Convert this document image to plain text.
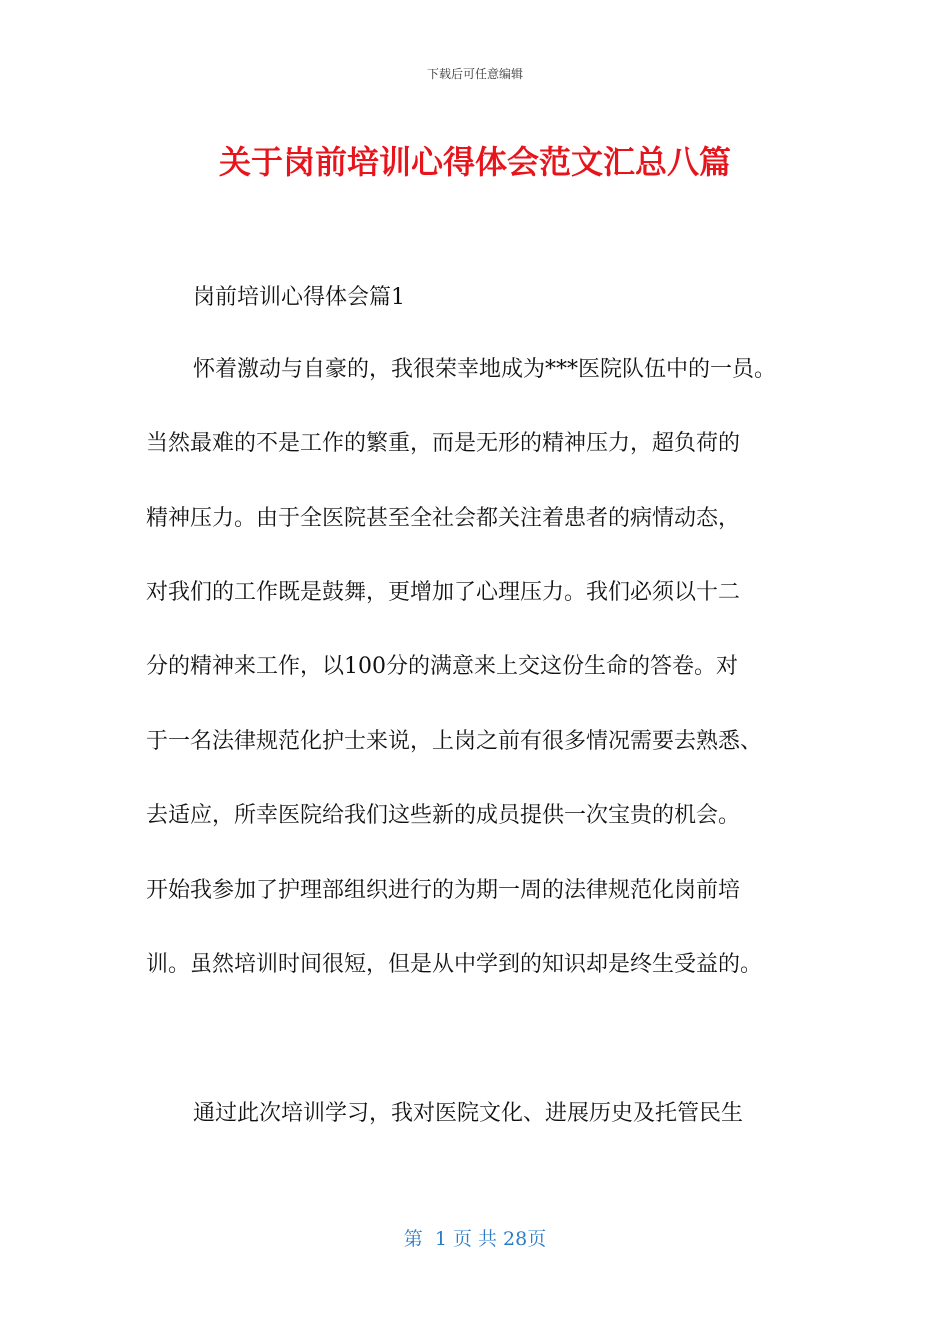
下载后可任意编辑
关于岗前培训心得体会范文汇总八篇
岗前培训心得体会篇1
怀着激动与自豪的，我很荣幸地成为***医院队伍中的一员。
当然最难的不是工作的繁重，而是无形的精神压力，超负荷的
精神压力。由于全医院甚至全社会都关注着患者的病情动态，
对我们的工作既是鼓舞，更增加了心理压力。我们必须以十二
分的精神来工作，以100分的满意来上交这份生命的答卷。对
于一名法律规范化护士来说，上岗之前有很多情况需要去熟悉、
去适应，所幸医院给我们这些新的成员提供一次宝贵的机会。
开始我参加了护理部组织进行的为期一周的法律规范化岗前培
训。虽然培训时间很短，但是从中学到的知识却是终生受益的。
通过此次培训学习，我对医院文化、进展历史及托管民生
第  1 页 共 28页
